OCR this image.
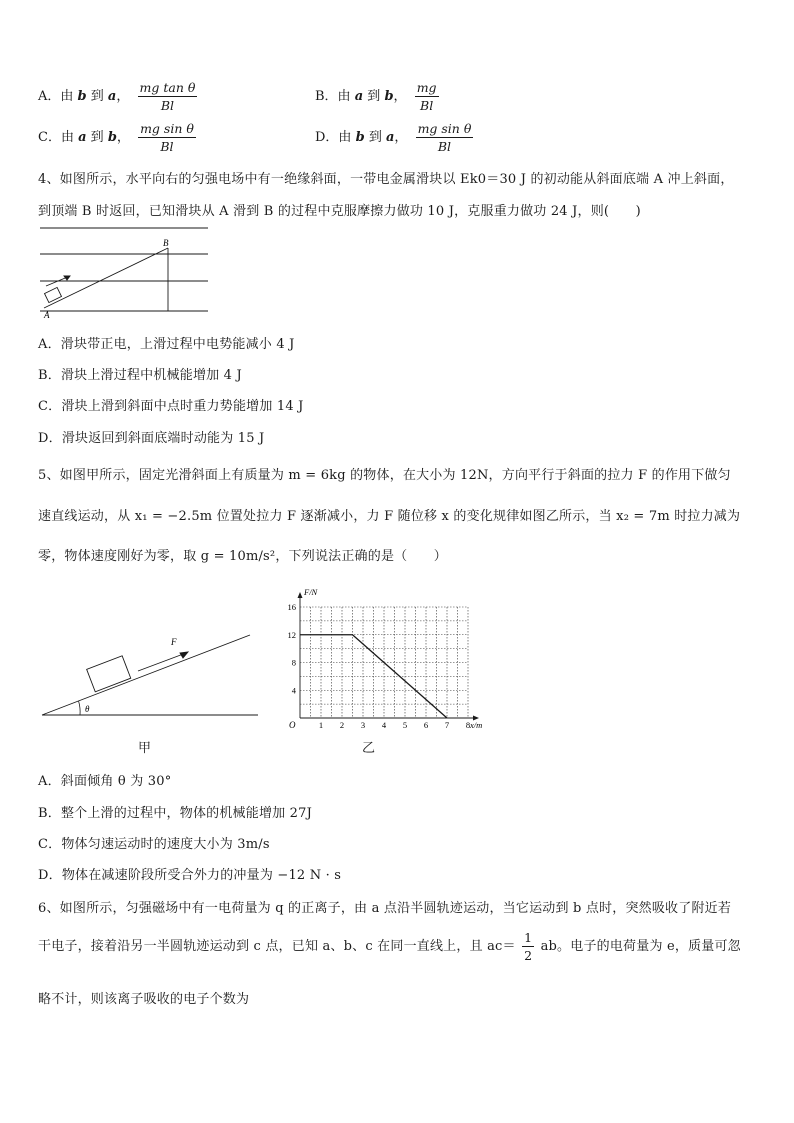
A．由 b 到 a， $\frac{\text{mg tan θ}}{Bl}$	B．由 a 到 b， $\frac{mg}{Bl}$
C．由 a 到 b， $\frac{\text{mg sin θ}}{Bl}$	D．由 b 到 a， $\frac{\text{mg sin θ}}{Bl}$
4、如图所示，水平向右的匀强电场中有一绝缘斜面，一带电金属滑块以 Ek0＝30 J 的初动能从斜面底端 A 冲上斜面，
到顶端 B 时返回，已知滑块从 A 滑到 B 的过程中克服摩擦力做功 10 J，克服重力做功 24 J，则(　　)
A
B
A．滑块带正电，上滑过程中电势能减小 4 J
B．滑块上滑过程中机械能增加 4 J
C．滑块上滑到斜面中点时重力势能增加 14 J
D．滑块返回到斜面底端时动能为 15 J
5、如图甲所示，固定光滑斜面上有质量为 m = 6kg 的物体，在大小为 12N，方向平行于斜面的拉力 F 的作用下做匀
速直线运动，从 x₁ = −2.5m 位置处拉力 F 逐渐减小，力 F 随位移 x 的变化规律如图乙所示，当 x₂ = 7m 时拉力减为
零，物体速度刚好为零，取 g = 10m/s²，下列说法正确的是（　　）
θ
F
甲
F/N
x/m
O	1 2 3 4 5 6 7 8
4
8
12
16
乙
A．斜面倾角 θ 为 30°
B．整个上滑的过程中，物体的机械能增加 27J
C．物体匀速运动时的速度大小为 3m/s
D．物体在减速阶段所受合外力的冲量为 −12 N · s
6、如图所示，匀强磁场中有一电荷量为 q 的正离子，由 a 点沿半圆轨迹运动，当它运动到 b 点时，突然吸收了附近若
干电子，接着沿另一半圆轨迹运动到 c 点，已知 a、b、c 在同一直线上，且 $ac= \frac{1}{2}$ ab。电子的电荷量为 e，质量可忽
略不计，则该离子吸收的电子个数为
